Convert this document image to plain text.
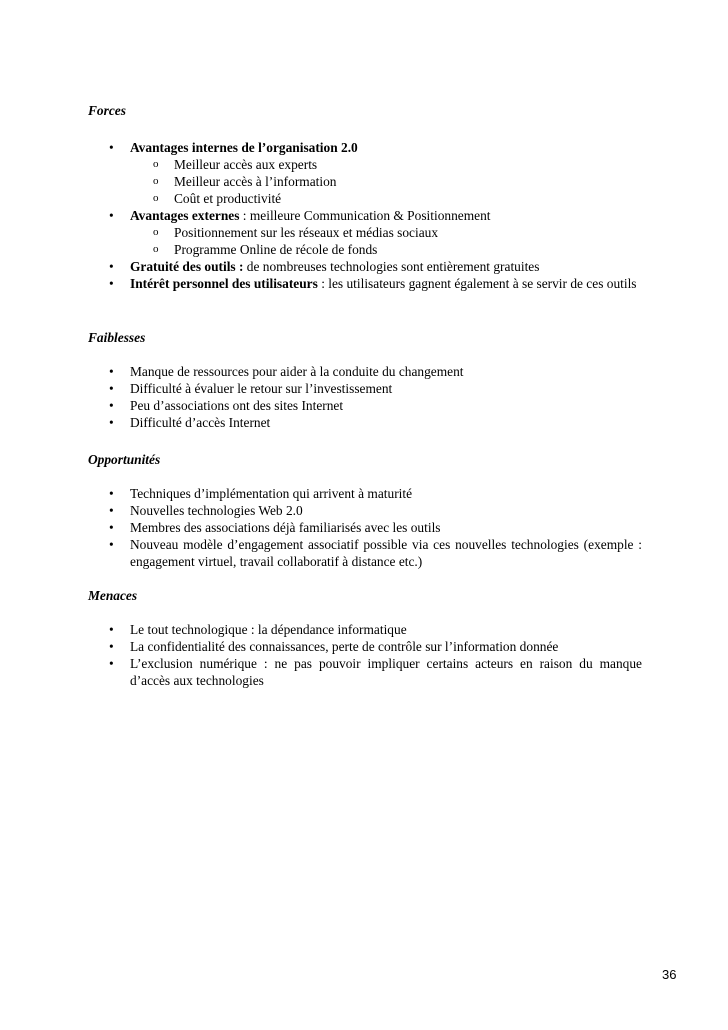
Forces
• Avantages internes de l’organisation 2.0
o Meilleur accès aux experts
o Meilleur accès à l’information
o Coût et productivité
• Avantages externes : meilleure Communication & Positionnement
o Positionnement sur les réseaux et médias sociaux
o Programme Online de récole de fonds
• Gratuité des outils : de nombreuses technologies sont entièrement gratuites
• Intérêt personnel des utilisateurs : les utilisateurs gagnent également à se servir de ces outils
Faiblesses
• Manque de ressources pour aider à la conduite du changement
• Difficulté à évaluer le retour sur l’investissement
• Peu d’associations ont des sites Internet
• Difficulté d’accès Internet
Opportunités
• Techniques d’implémentation qui arrivent à maturité
• Nouvelles technologies Web 2.0
• Membres des associations déjà familiarisés avec les outils
• Nouveau modèle d’engagement associatif possible via ces nouvelles technologies (exemple : engagement virtuel, travail collaboratif à distance etc.)
Menaces
• Le tout technologique : la dépendance informatique
• La confidentialité des connaissances, perte de contrôle sur l’information donnée
• L’exclusion numérique : ne pas pouvoir impliquer certains acteurs en raison du manque d’accès aux technologies
36
